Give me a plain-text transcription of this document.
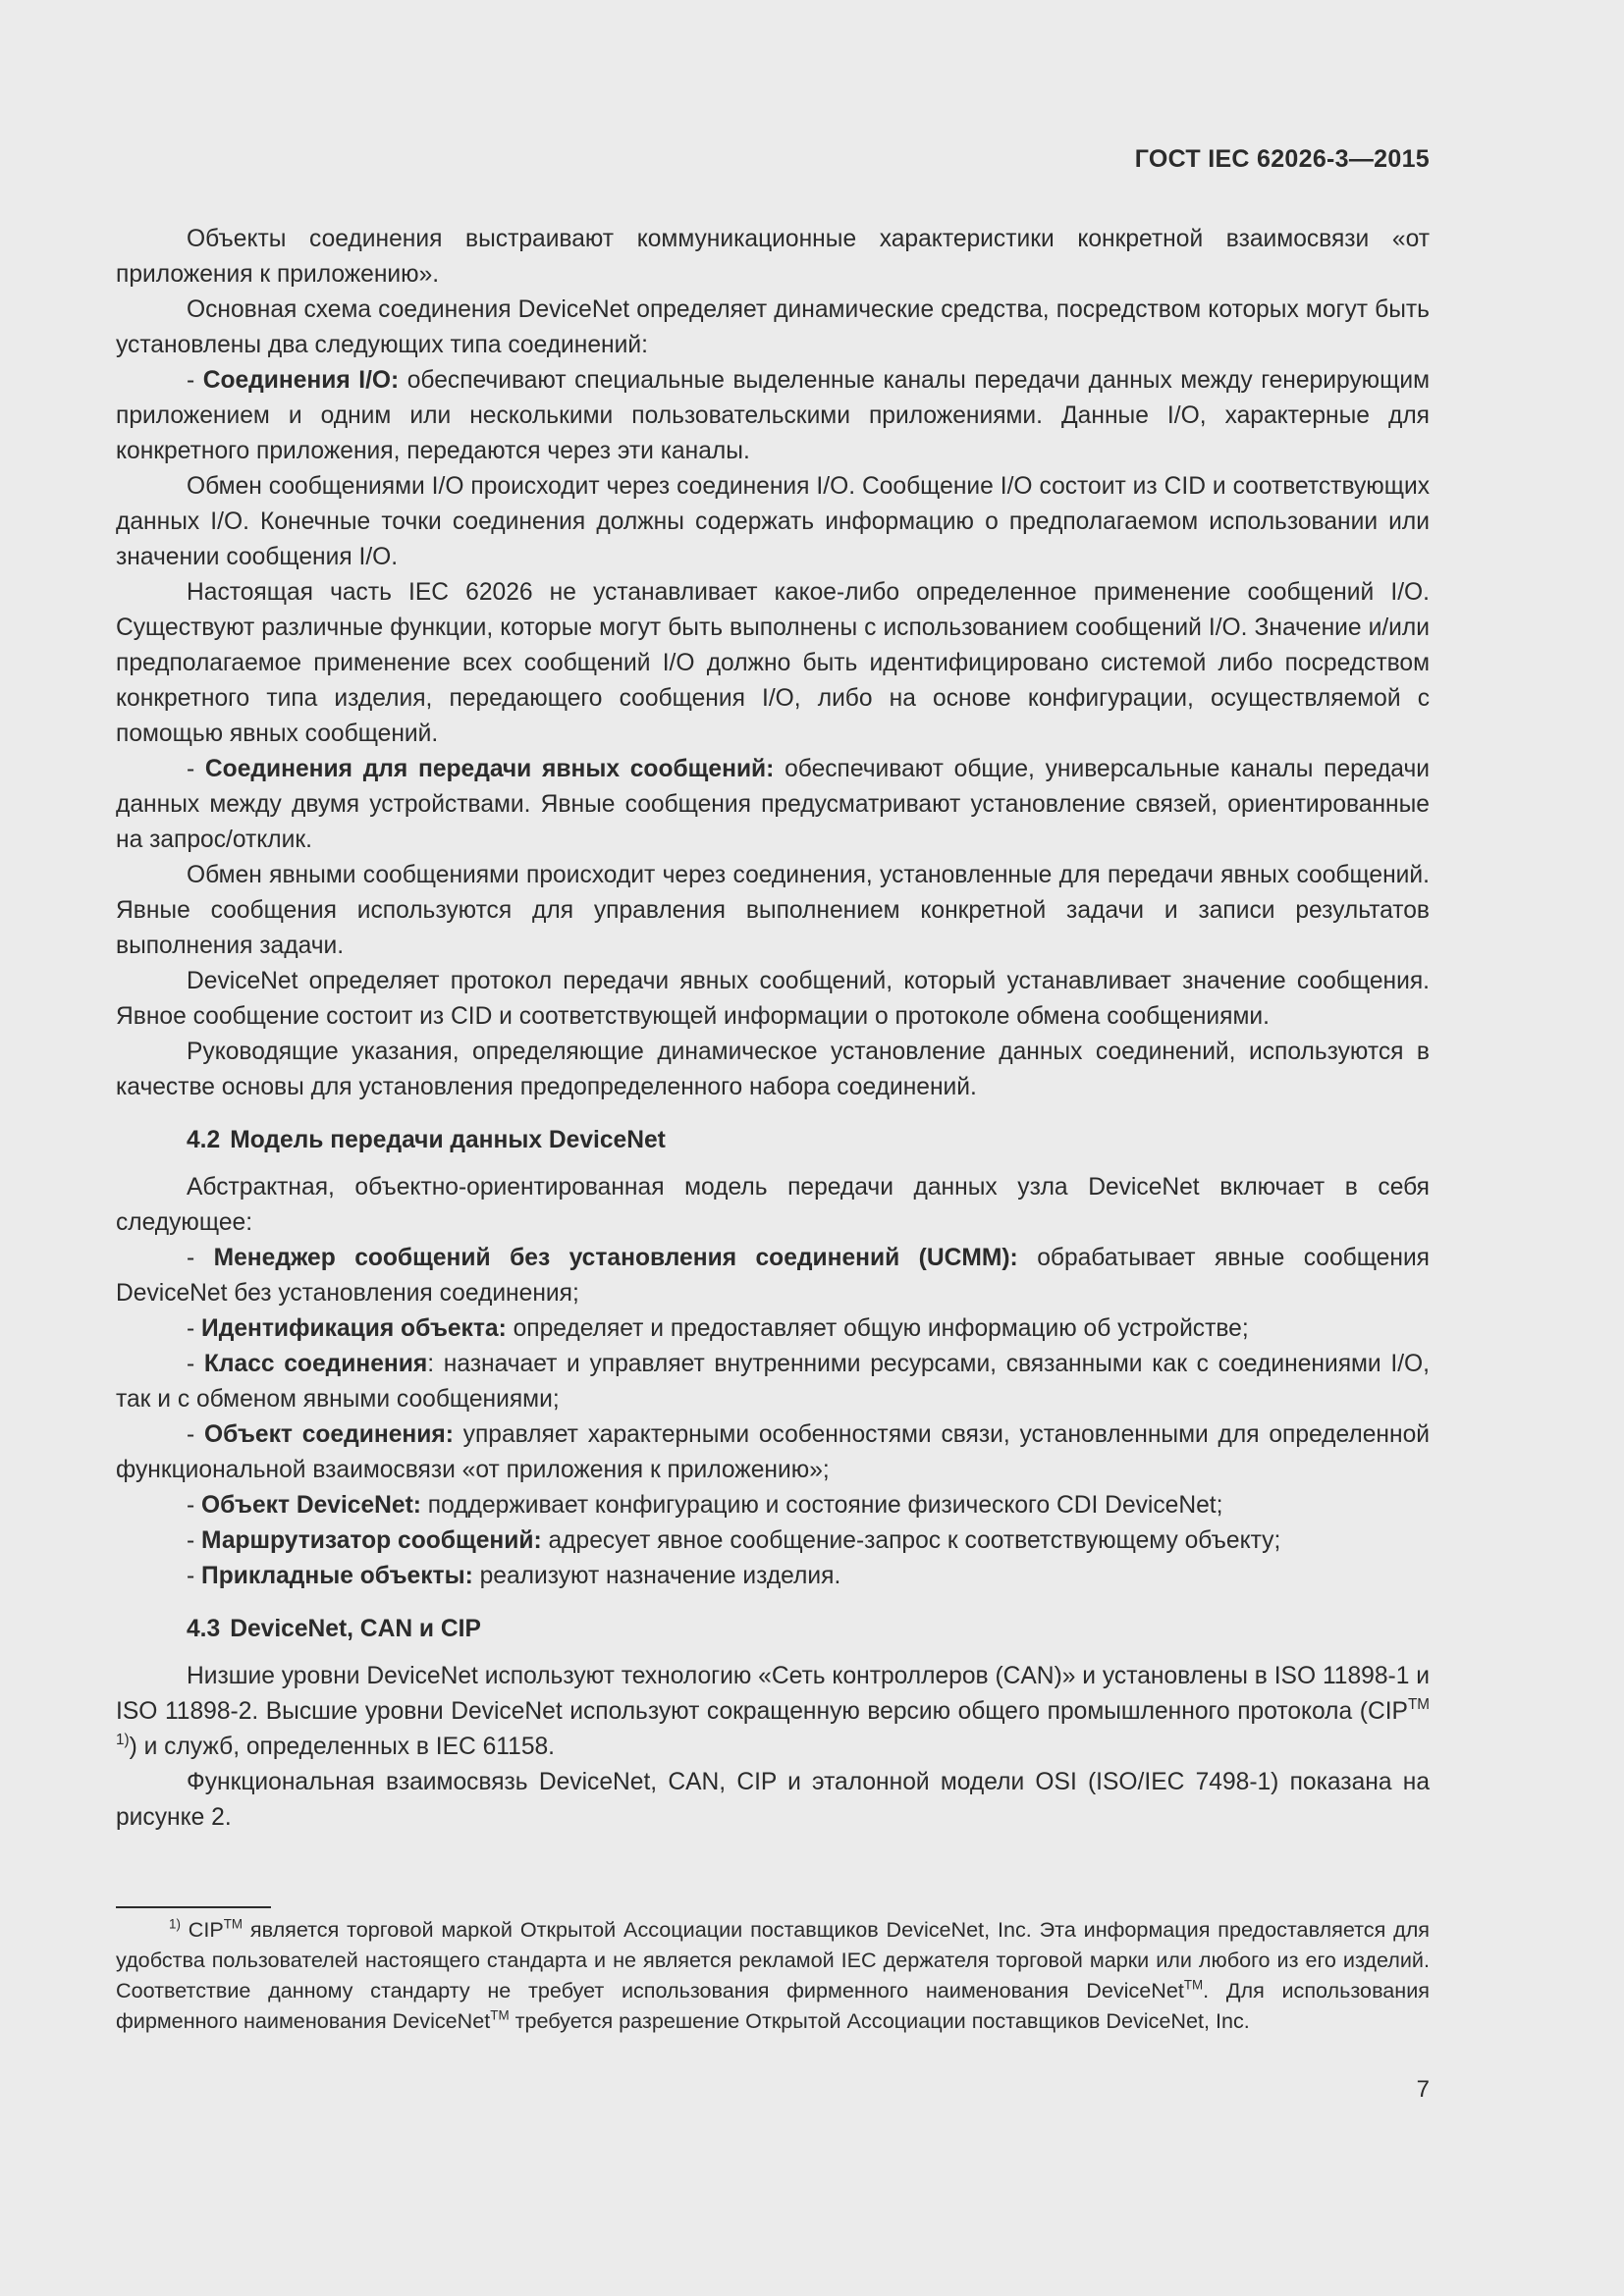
ГОСТ IEC 62026-3—2015

Объекты соединения выстраивают коммуникационные характеристики конкретной взаимосвязи «от приложения к приложению».

Основная схема соединения DeviceNet определяет динамические средства, посредством которых могут быть установлены два следующих типа соединений:

- Соединения I/O: обеспечивают специальные выделенные каналы передачи данных между генерирующим приложением и одним или несколькими пользовательскими приложениями. Данные I/O, характерные для конкретного приложения, передаются через эти каналы.

Обмен сообщениями I/O происходит через соединения I/O. Сообщение I/O состоит из CID и соответствующих данных I/O. Конечные точки соединения должны содержать информацию о предполагаемом использовании или значении сообщения I/O.

Настоящая часть IEC 62026 не устанавливает какое-либо определенное применение сообщений I/O. Существуют различные функции, которые могут быть выполнены с использованием сообщений I/O. Значение и/или предполагаемое применение всех сообщений I/O должно быть идентифицировано системой либо посредством конкретного типа изделия, передающего сообщения I/O, либо на основе конфигурации, осуществляемой с помощью явных сообщений.

- Соединения для передачи явных сообщений: обеспечивают общие, универсальные каналы передачи данных между двумя устройствами. Явные сообщения предусматривают установление связей, ориентированные на запрос/отклик.

Обмен явными сообщениями происходит через соединения, установленные для передачи явных сообщений. Явные сообщения используются для управления выполнением конкретной задачи и записи результатов выполнения задачи.

DeviceNet определяет протокол передачи явных сообщений, который устанавливает значение сообщения. Явное сообщение состоит из CID и соответствующей информации о протоколе обмена сообщениями.

Руководящие указания, определяющие динамическое установление данных соединений, используются в качестве основы для установления предопределенного набора соединений.

4.2 Модель передачи данных DeviceNet

Абстрактная, объектно-ориентированная модель передачи данных узла DeviceNet включает в себя следующее:

- Менеджер сообщений без установления соединений (UCMM): обрабатывает явные сообщения DeviceNet без установления соединения;

- Идентификация объекта: определяет и предоставляет общую информацию об устройстве;

- Класс соединения: назначает и управляет внутренними ресурсами, связанными как с соединениями I/O, так и с обменом явными сообщениями;

- Объект соединения: управляет характерными особенностями связи, установленными для определенной функциональной взаимосвязи «от приложения к приложению»;

- Объект DeviceNet: поддерживает конфигурацию и состояние физического CDI DeviceNet;

- Маршрутизатор сообщений: адресует явное сообщение-запрос к соответствующему объекту;

- Прикладные объекты: реализуют назначение изделия.

4.3 DeviceNet, CAN и CIP

Низшие уровни DeviceNet используют технологию «Сеть контроллеров (CAN)» и установлены в ISO 11898-1 и ISO 11898-2. Высшие уровни DeviceNet используют сокращенную версию общего промышленного протокола $(CIP^{TM 1)})$ и служб, определенных в IEC 61158.

Функциональная взаимосвязь DeviceNet, CAN, CIP и эталонной модели OSI (ISO/IEC 7498-1) показана на рисунке 2.

$^{1)}$ CIP™ является торговой маркой Открытой Ассоциации поставщиков DeviceNet, Inc. Эта информация предоставляется для удобства пользователей настоящего стандарта и не является рекламой IEC держателя торговой марки или любого из его изделий. Соответствие данному стандарту не требует использования фирменного наименования DeviceNet™. Для использования фирменного наименования DeviceNet™ требуется разрешение Открытой Ассоциации поставщиков DeviceNet, Inc.
7
